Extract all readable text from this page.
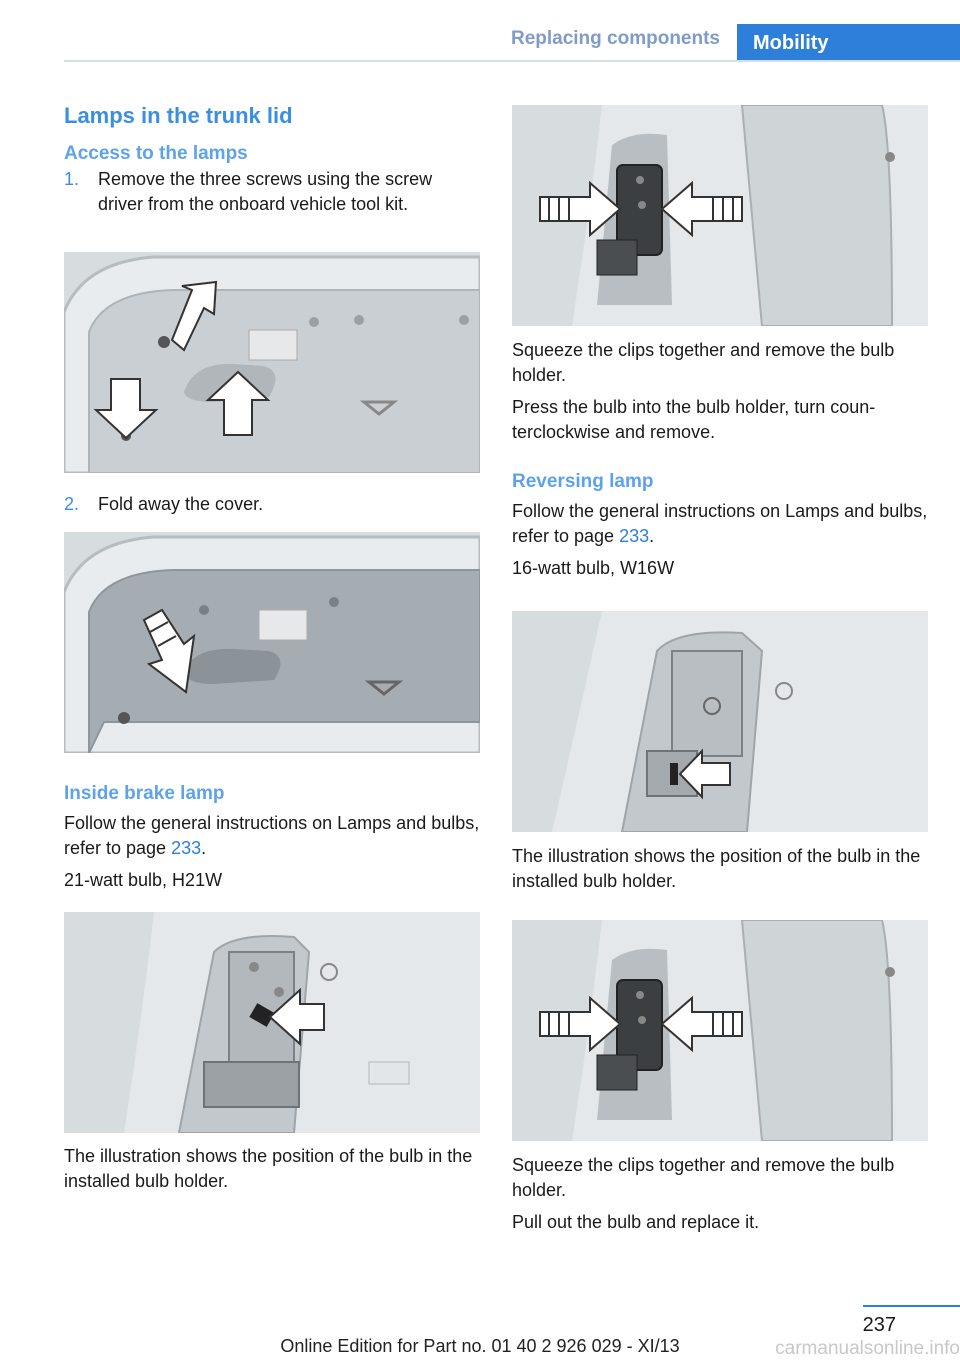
Replacing components	Mobility
Lamps in the trunk lid
Access to the lamps
1.	Remove the three screws using the screw driver from the onboard vehicle tool kit.
2.	Fold away the cover.
Inside brake lamp

Follow the general instructions on Lamps and bulbs, refer to page 233.

21-watt bulb, H21W

The illustration shows the position of the bulb in the installed bulb holder.

Squeeze the clips together and remove the bulb holder.

Press the bulb into the bulb holder, turn coun‐terclockwise and remove.

Reversing lamp

Follow the general instructions on Lamps and bulbs, refer to page 233.

16-watt bulb, W16W

The illustration shows the position of the bulb in the installed bulb holder.

Squeeze the clips together and remove the bulb holder.

Pull out the bulb and replace it.

237
Online Edition for Part no. 01 40 2 926 029 - XI/13	carmanualsonline.info
